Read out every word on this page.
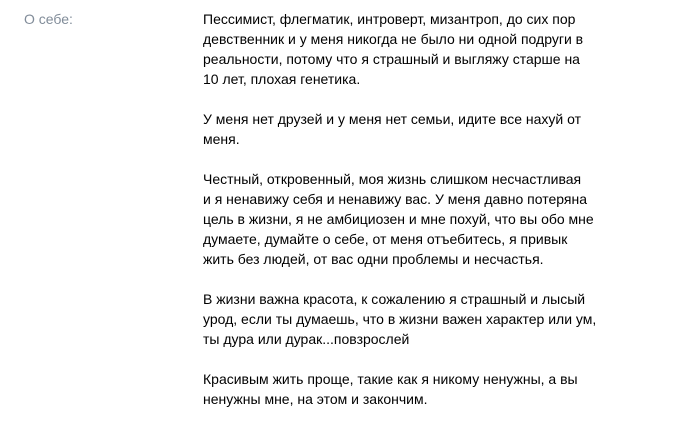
О себе:	Пессимист, флегматик, интроверт, мизантроп, до сих пор
девственник и у меня никогда не было ни одной подруги в
реальности, потому что я страшный и выгляжу старше на
10 лет, плохая генетика.

У меня нет друзей и у меня нет семьи, идите все нахуй от
меня.

Честный, откровенный, моя жизнь слишком несчастливая
и я ненавижу себя и ненавижу вас. У меня давно потеряна
цель в жизни, я не амбициозен и мне похуй, что вы обо мне
думаете, думайте о себе, от меня отъебитесь, я привык
жить без людей, от вас одни проблемы и несчастья.

В жизни важна красота, к сожалению я страшный и лысый
урод, если ты думаешь, что в жизни важен характер или ум,
ты дура или дурак...повзрослей

Красивым жить проще, такие как я никому ненужны, а вы
ненужны мне, на этом и закончим.
